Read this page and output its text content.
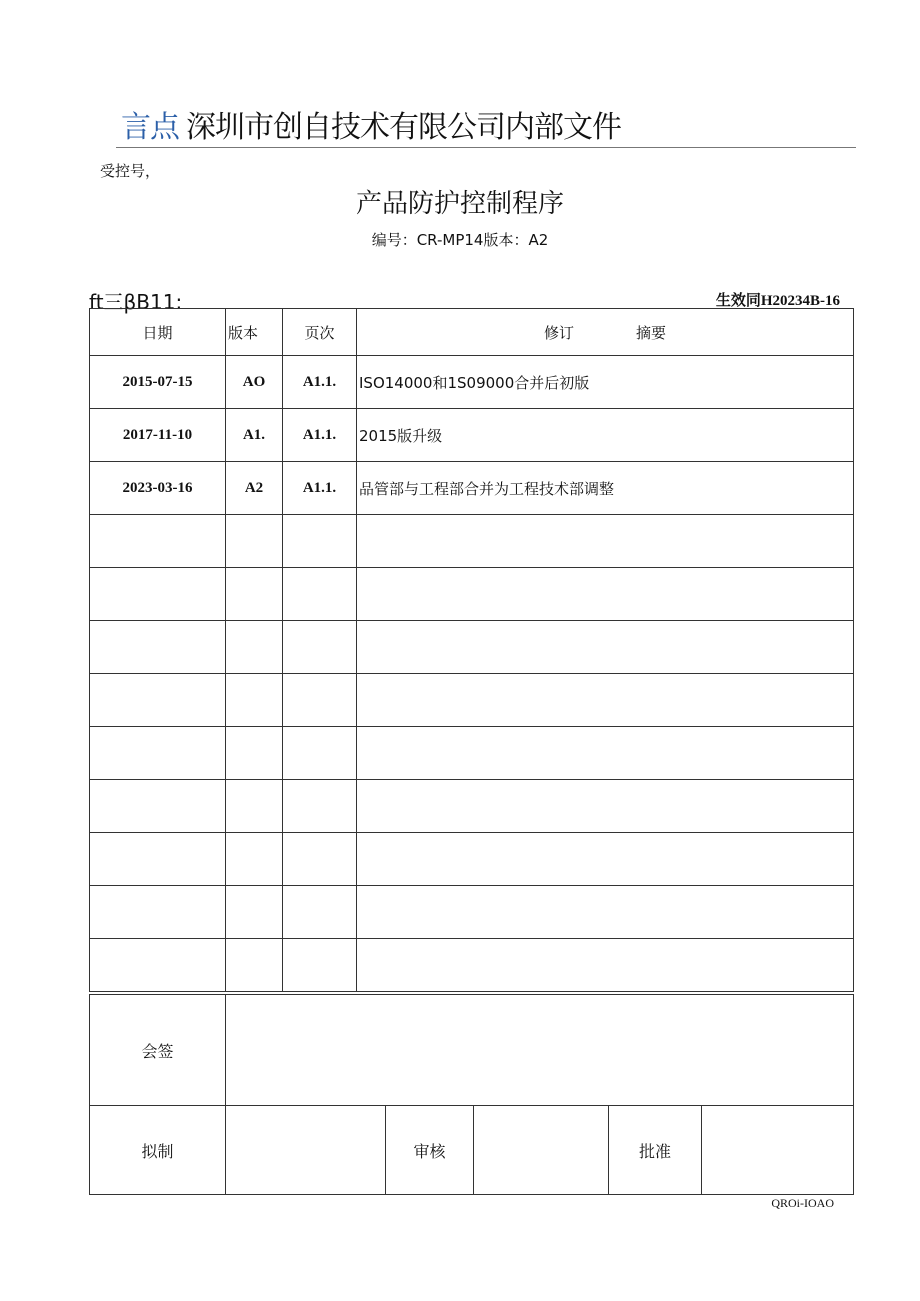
言点 深圳市创自技术有限公司内部文件
受控号，
产品防护控制程序
编号：CR-MP14版本：A2
ft三βB11:	生效同H20234B-16
日期	版本	页次	修订 摘要
2015-07-15	AO	A1.1.	ISO14000和1S09000合并后初版
2017-11-10	A1.	A1.1.	2015版升级
2023-03-16	A2	A1.1.	品管部与工程部合并为工程技术部调整

会签					
拟制		审核		批准	
QROi-IOAO
